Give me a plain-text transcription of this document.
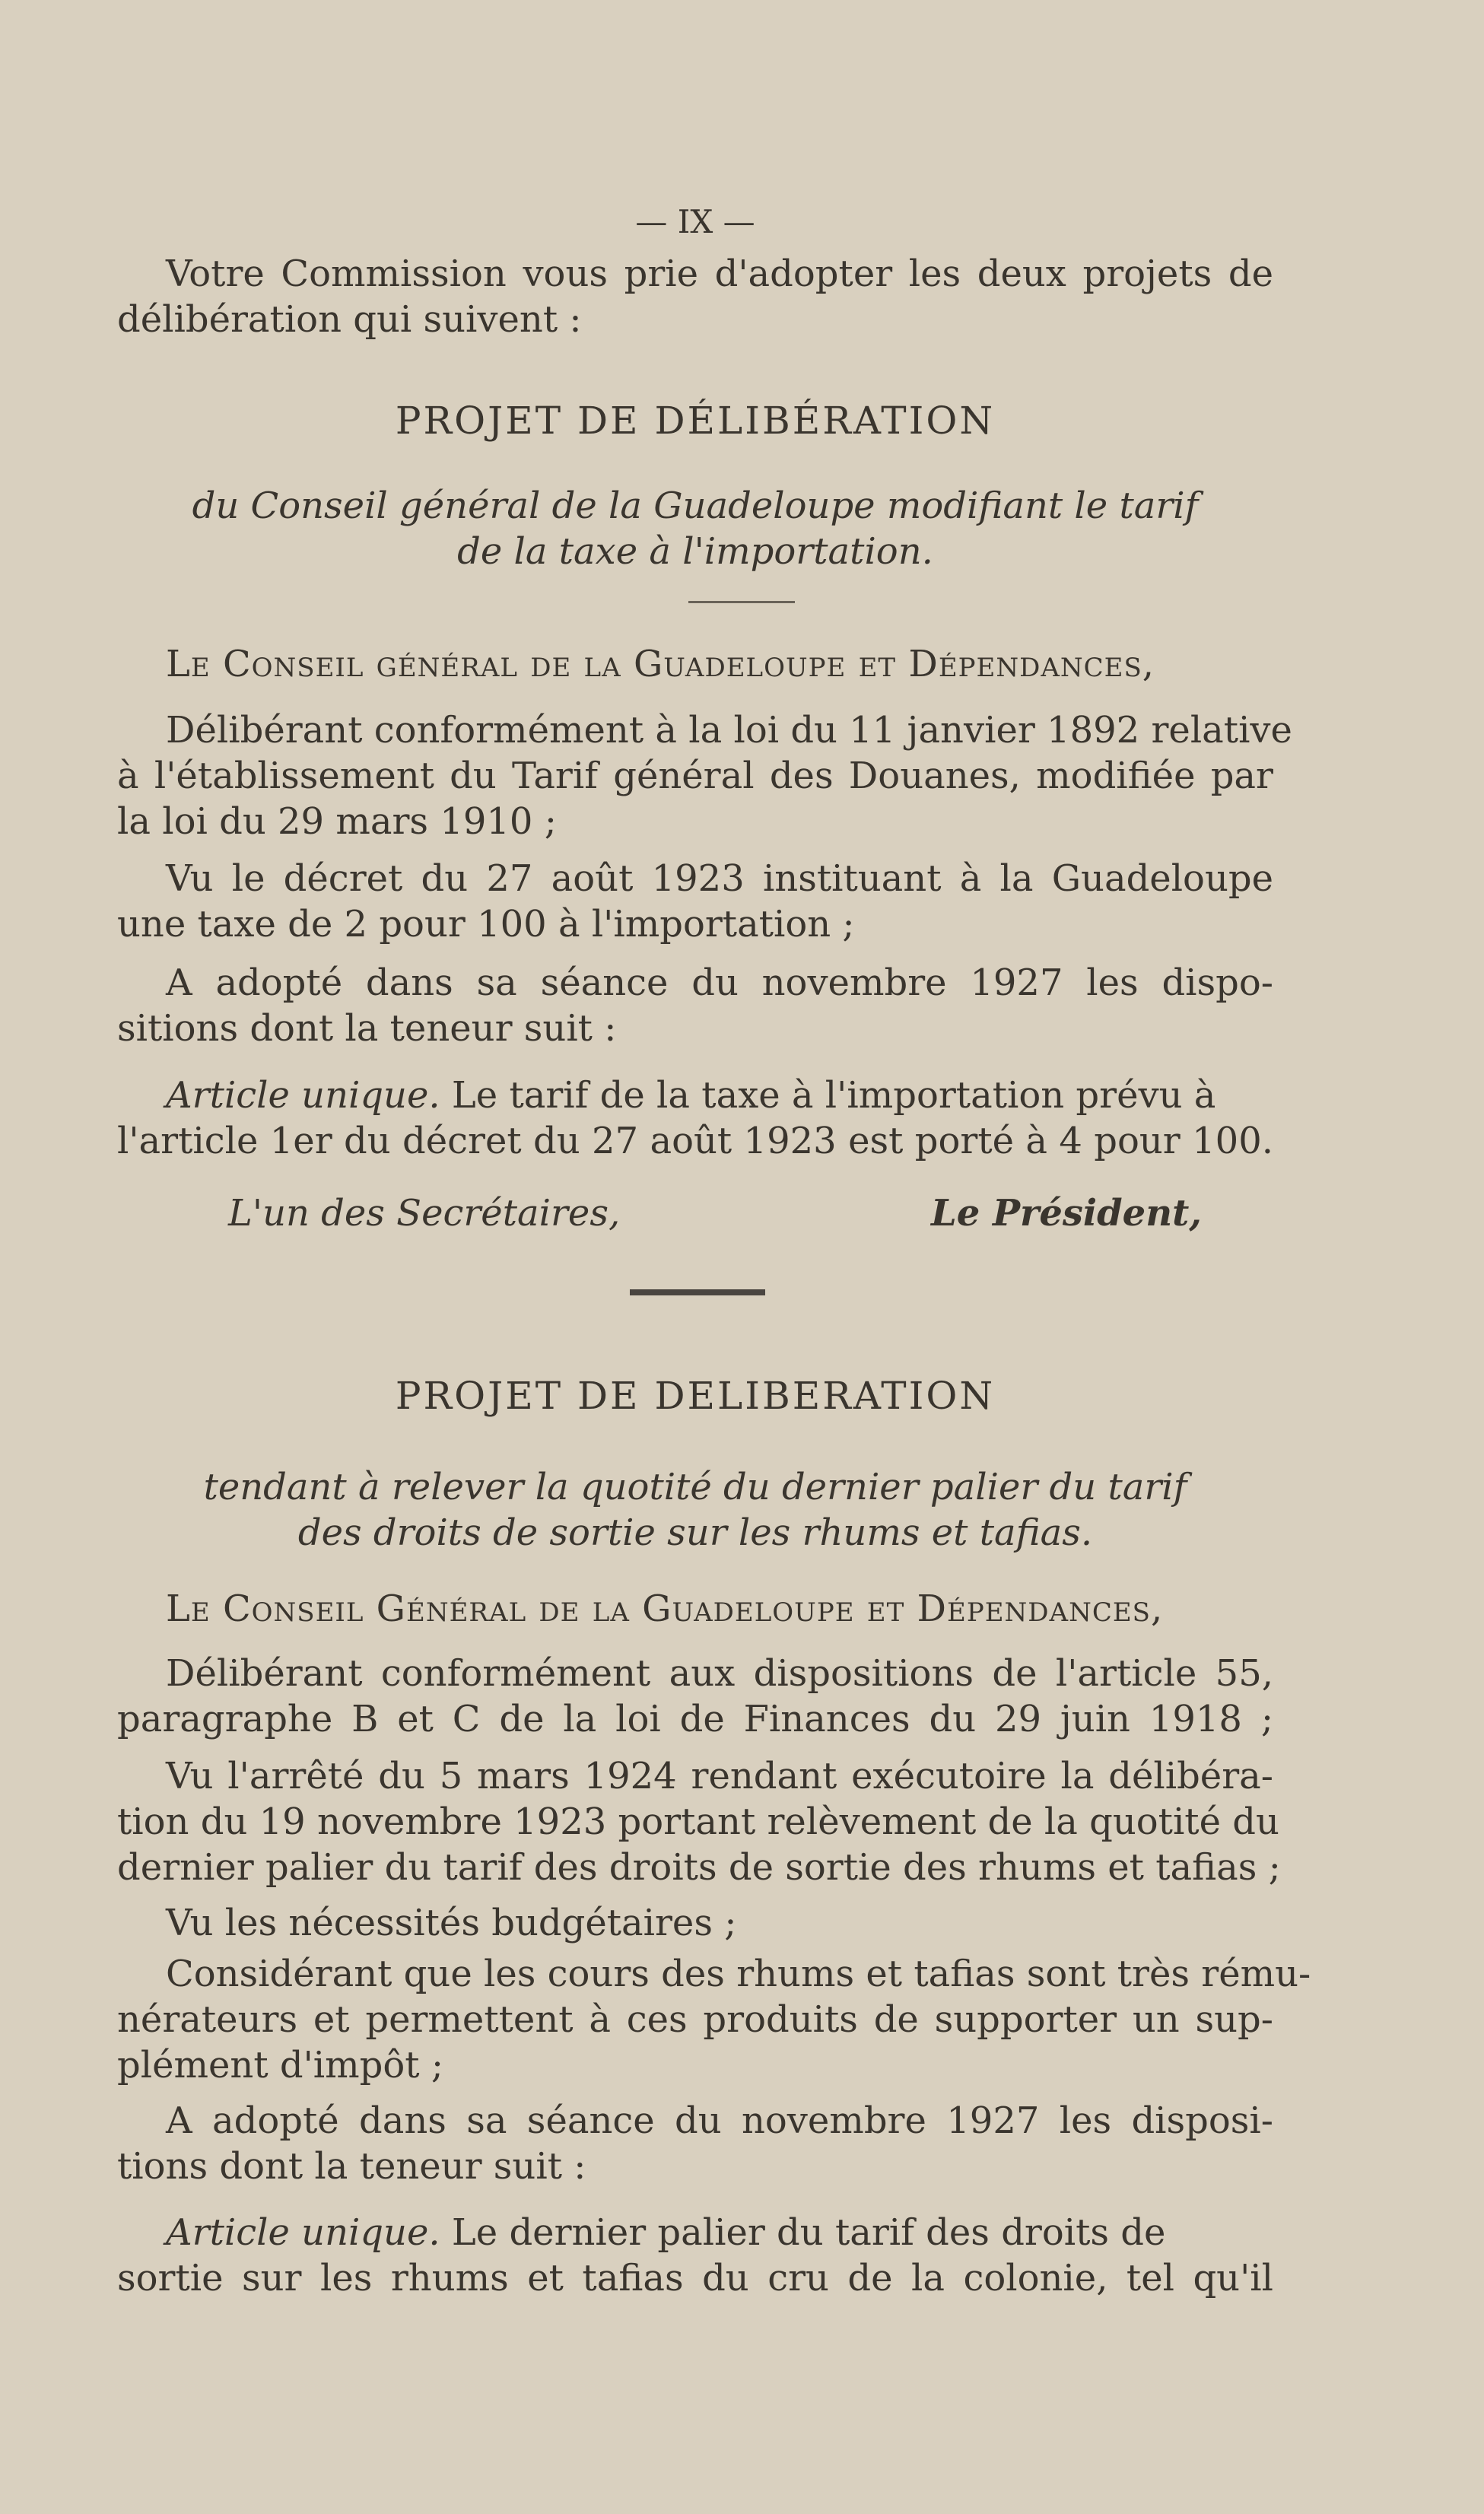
— IX —
Votre Commission vous prie d'adopter les deux projets de
délibération qui suivent :
PROJET DE DÉLIBÉRATION
du Conseil général de la Guadeloupe modifiant le tarif
de la taxe à l'importation.
Le Conseil général de la Guadeloupe et Dépendances,
Délibérant conformément à la loi du 11 janvier 1892 relative
à l'établissement du Tarif général des Douanes, modifiée par
la loi du 29 mars 1910 ;
Vu le décret du 27 août 1923 instituant à la Guadeloupe
une taxe de 2 pour 100 à l'importation ;
A adopté dans sa séance du novembre 1927 les dispo-
sitions dont la teneur suit :
Article unique. Le tarif de la taxe à l'importation prévu à
l'article 1er du décret du 27 août 1923 est porté à 4 pour 100.
L'un des Secrétaires,	Le Président,
PROJET DE DELIBERATION
tendant à relever la quotité du dernier palier du tarif
des droits de sortie sur les rhums et tafias.
Le Conseil Général de la Guadeloupe et Dépendances,
Délibérant conformément aux dispositions de l'article 55,
paragraphe B et C de la loi de Finances du 29 juin 1918 ;
Vu l'arrêté du 5 mars 1924 rendant exécutoire la délibéra-
tion du 19 novembre 1923 portant relèvement de la quotité du
dernier palier du tarif des droits de sortie des rhums et tafias ;
Vu les nécessités budgétaires ;
Considérant que les cours des rhums et tafias sont très rému-
nérateurs et permettent à ces produits de supporter un sup-
plément d'impôt ;
A adopté dans sa séance du novembre 1927 les disposi-
tions dont la teneur suit :
Article unique. Le dernier palier du tarif des droits de
sortie sur les rhums et tafias du cru de la colonie, tel qu'il
